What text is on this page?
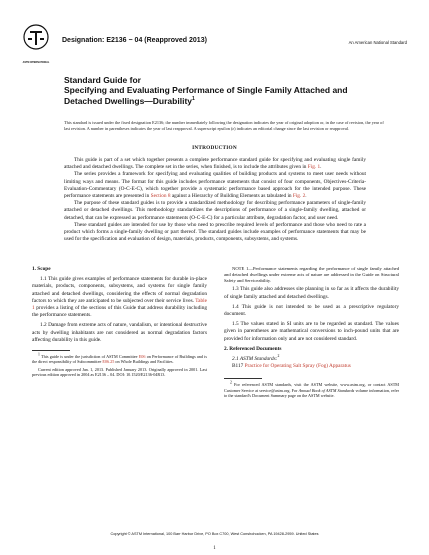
ASTM INTERNATIONAL
Designation: E2136 − 04 (Reapproved 2013)	An American National Standard
Standard Guide for
Specifying and Evaluating Performance of Single Family Attached and Detached Dwellings—Durability$^1$
This standard is issued under the fixed designation E2136; the number immediately following the designation indicates the year of original adoption or, in the case of revision, the year of last revision. A number in parentheses indicates the year of last reapproval. A superscript epsilon (ε) indicates an editorial change since the last revision or reapproval.
INTRODUCTION

This guide is part of a set which together presents a complete performance standard guide for specifying and evaluating single family attached and detached dwellings. The complete set in the series, when finished, is to include the attributes given in Fig. 1.

The series provides a framework for specifying and evaluating qualities of building products and systems to meet user needs without limiting ways and means. The format for this guide includes performance statements that consist of four components, Objectives-Criteria-Evaluation-Commentary (O-C-E-C), which together provide a systematic performance based approach for the intended purpose. These performance statements are presented in Section 8 against a Hierarchy of Building Elements as tabulated in Fig. 2.

The purpose of these standard guides is to provide a standardized methodology for describing performance parameters of single-family attached or detached dwellings. This methodology standardizes the descriptions of performance of a single-family dwelling, attached or detached, that can be expressed as performance statements (O-C-E-C) for a particular attribute, degradation factor, and user need.

These standard guides are intended for use by those who need to prescribe required levels of performance and those who need to rate a product which forms a single-family dwelling or part thereof. The standard guides include examples of performance statements that may be used for the specification and evaluation of design, materials, products, components, subsystems, and systems.

1. Scope

1.1 This guide gives examples of performance statements for durable in-place materials, products, components, subsystems, and systems for single family attached and detached dwellings, considering the effects of normal degradation factors to which they are anticipated to be subjected over their service lives. Table 1 provides a listing of the sections of this Guide that address durability including the performance statements.

1.2 Damage from extreme acts of nature, vandalism, or intentional destructive acts by dwelling inhabitants are not considered as normal degradation factors affecting durability in this guide.

$^1$ This guide is under the jurisdiction of ASTM Committee E06 on Performance of Buildings and is the direct responsibility of Subcommittee E06.25 on Whole Buildings and Facilities.

Current edition approved Jan. 1, 2013. Published January 2013. Originally approved in 2001. Last previous edition approved in 2004 as E2136 – 04. DOI: 10.1520/E2136-04R13.

NOTE 1—Performance statements regarding the performance of single family attached and detached dwellings under extreme acts of nature are addressed in the Guide on Structural Safety and Serviceability.

1.3 This guide also addresses site planning in so far as it affects the durability of single family attached and detached dwellings.

1.4 This guide is not intended to be used as a prescriptive regulatory document.

1.5 The values stated in SI units are to be regarded as standard. The values given in parentheses are mathematical conversions to inch-pound units that are provided for information only and are not considered standard.

2. Referenced Documents

2.1 ASTM Standards:$^2$

B117 Practice for Operating Salt Spray (Fog) Apparatus

$^2$ For referenced ASTM standards, visit the ASTM website, www.astm.org, or contact ASTM Customer Service at service@astm.org. For Annual Book of ASTM Standards volume information, refer to the standard's Document Summary page on the ASTM website.

Copyright © ASTM International, 100 Barr Harbor Drive, PO Box C700, West Conshohocken, PA 19428-2959. United States
1
